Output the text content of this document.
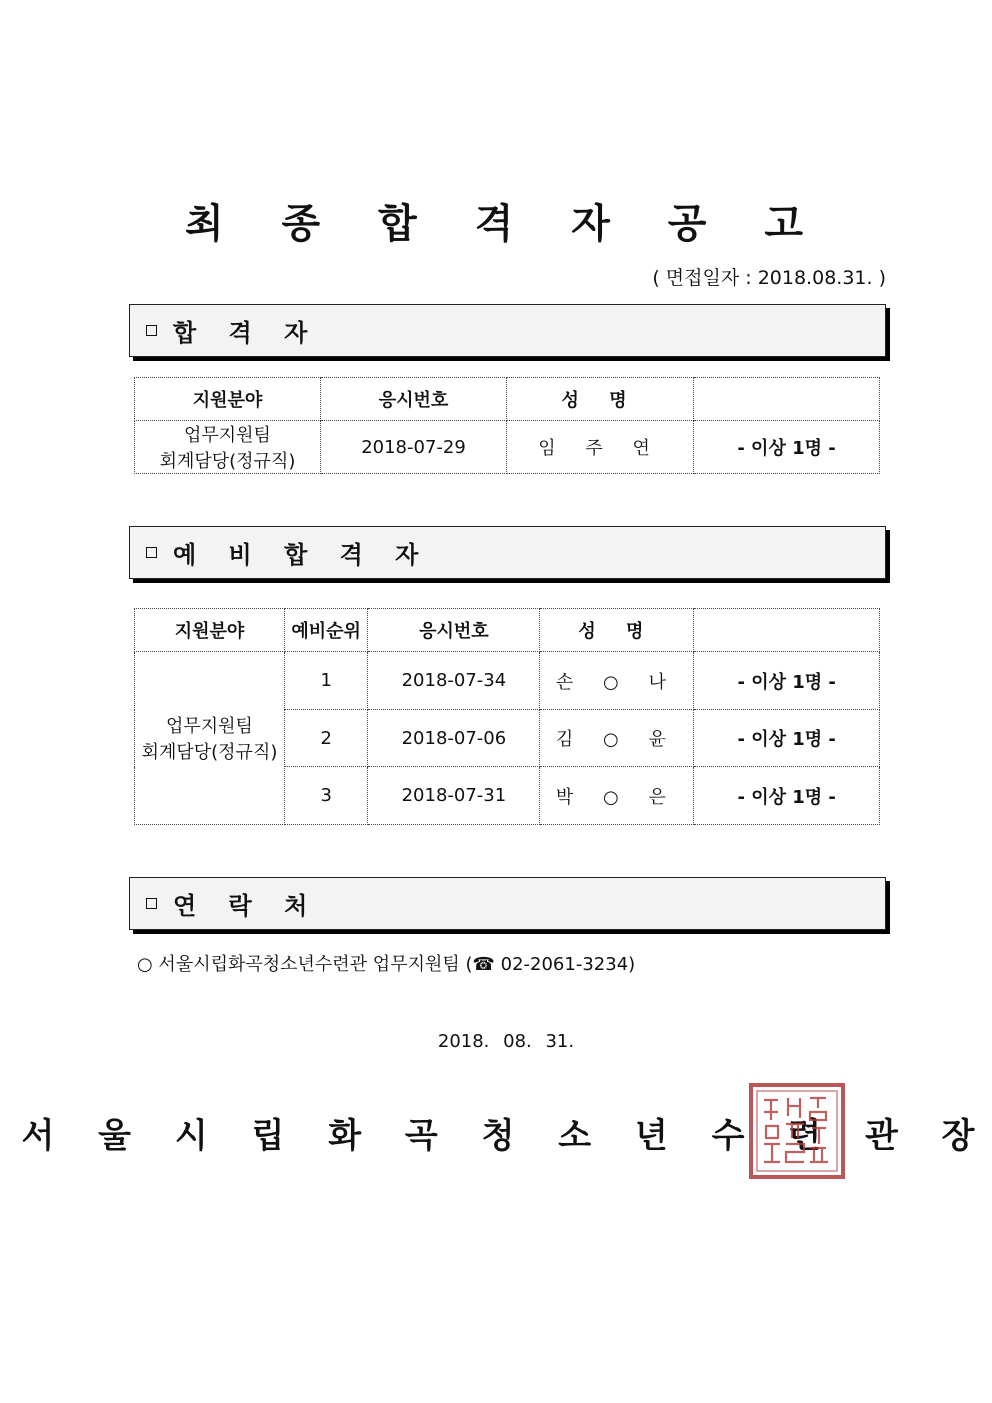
최 종 합 격 자 공 고
( 면접일자 : 2018.08.31. )
합 격 자
지원분야	응시번호	성 명	

업무지원팀
회계담당(정규직)	2018-07-29	임 주 연	- 이상 1명 -
예 비 합 격 자
지원분야	예비순위	응시번호	성 명	

업무지원팀
회계담당(정규직)	1	2018-07-34	손 ○ 나	- 이상 1명 -
	2	2018-07-06	김 ○ 윤	- 이상 1명 -
	3	2018-07-31	박 ○ 은	- 이상 1명 -
연 락 처
○ 서울시립화곡청소년수련관 업무지원팀 (☎ 02-2061-3234)
2018. 08. 31.
서 울 시 립 화 곡 청 소 년 수 련 관 장
